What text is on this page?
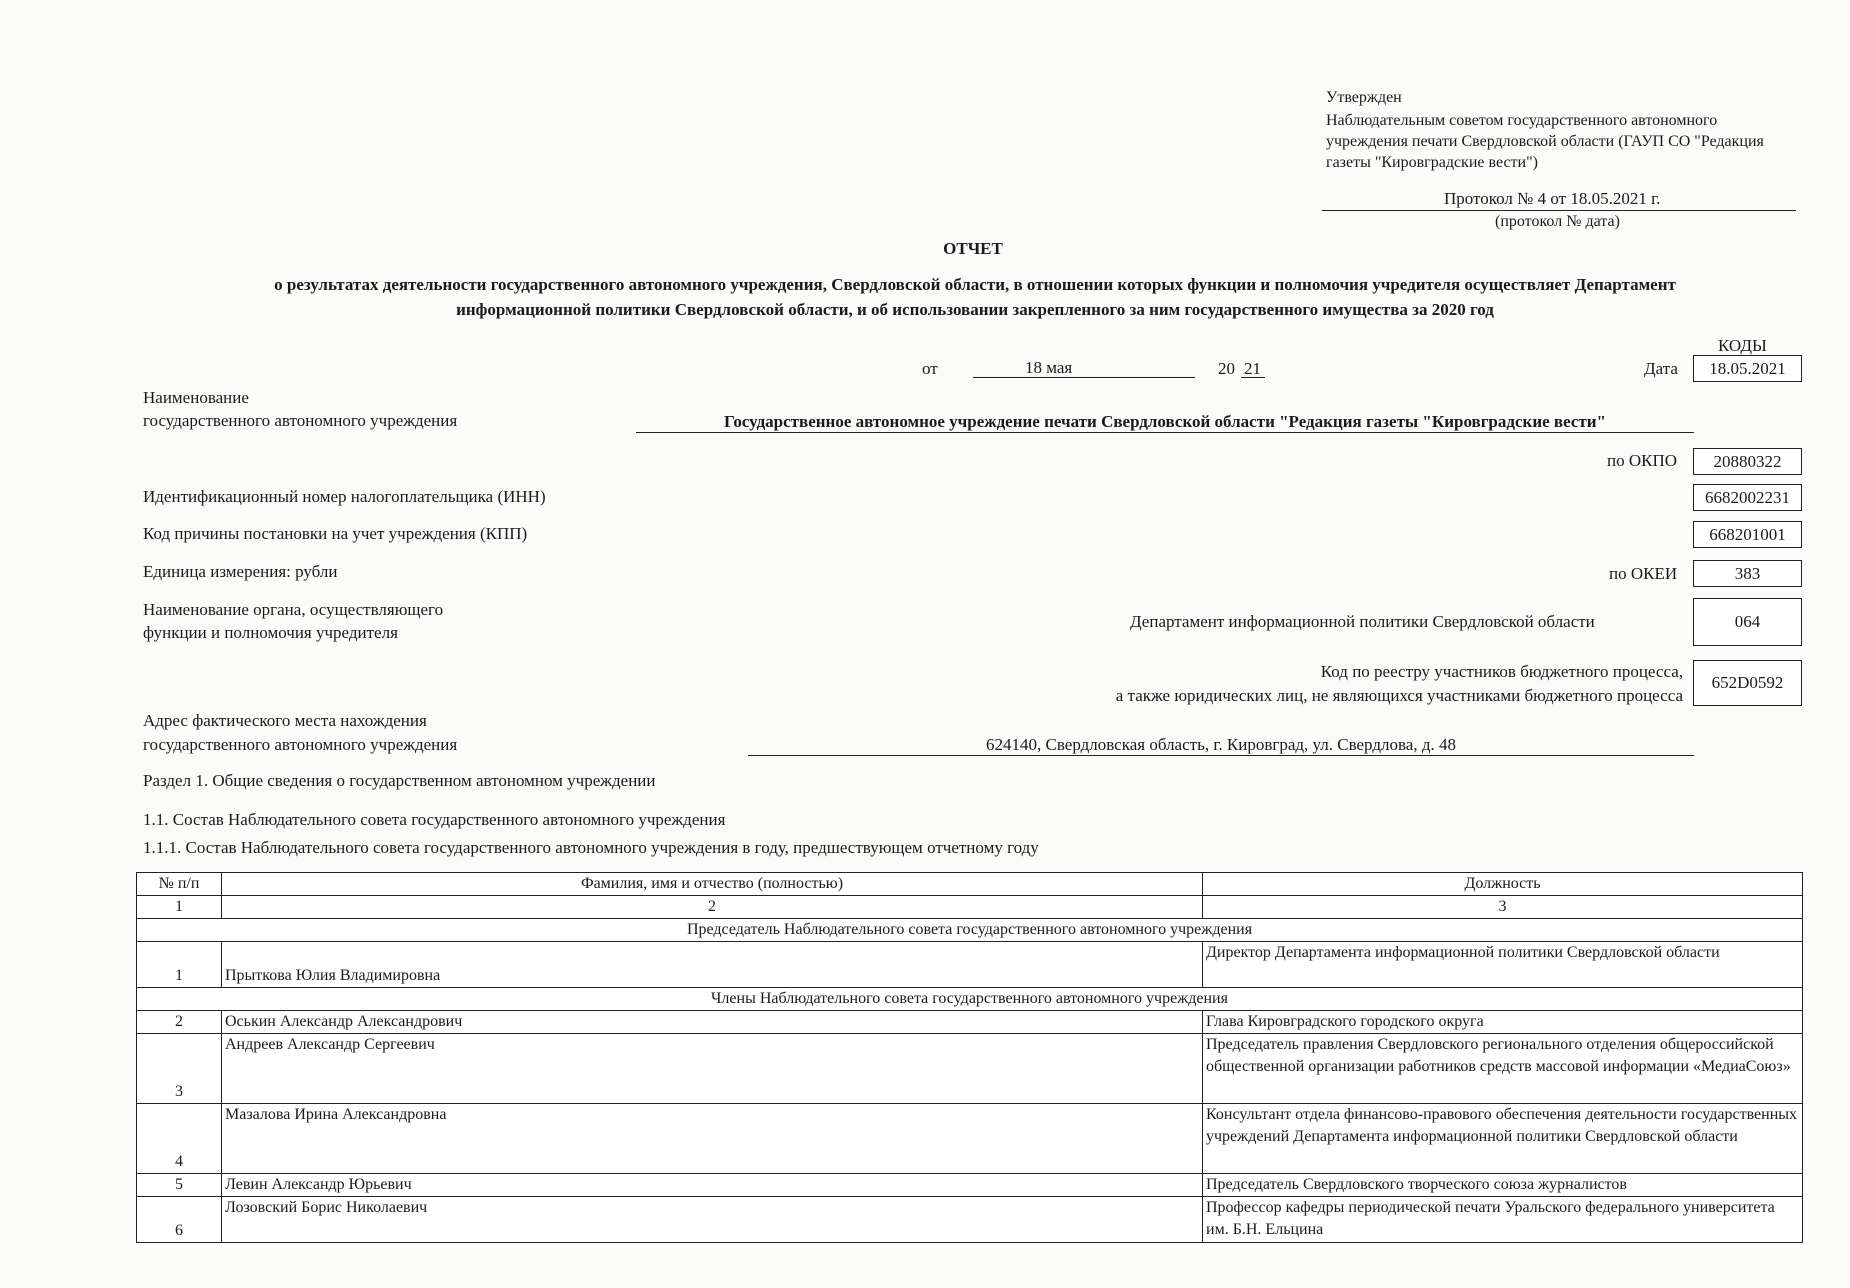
Утвержден
Наблюдательным советом государственного автономного
учреждения печати Свердловской области (ГАУП СО "Редакция
газеты "Кировградские вести")
Протокол № 4 от 18.05.2021 г.
(протокол № дата)
ОТЧЕТ
о результатах деятельности государственного автономного учреждения, Свердловской области, в отношении которых функции и полномочия учредителя осуществляет Департамент
информационной политики Свердловской области, и об использовании закрепленного за ним государственного имущества за 2020 год
КОДЫ
от	18 мая	20 21	Дата	18.05.2021
Наименование
государственного автономного учреждения	Государственное автономное учреждение печати Свердловской области "Редакция газеты "Кировградские вести"
по ОКПО	20880322
Идентификационный номер налогоплательщика (ИНН)	6682002231
Код причины постановки на учет учреждения (КПП)	668201001
Единица измерения: рубли	по ОКЕИ	383
Наименование органа, осуществляющего
функции и полномочия учредителя
Департамент информационной политики Свердловской области	064
Код по реестру участников бюджетного процесса,
а также юридических лиц, не являющихся участниками бюджетного процесса
652D0592
Адрес фактического места нахождения
государственного автономного учреждения	624140, Свердловская область, г. Кировград, ул. Свердлова, д. 48
Раздел 1. Общие сведения о государственном автономном учреждении
1.1. Состав Наблюдательного совета государственного автономного учреждения
1.1.1. Состав Наблюдательного совета государственного автономного учреждения в году, предшествующем отчетному году
№ п/п	Фамилия, имя и отчество (полностью)	Должность
1	2	3
Председатель Наблюдательного совета государственного автономного учреждения		
1	Прыткова Юлия Владимировна	Директор Департамента информационной политики Свердловской области
Члены Наблюдательного совета государственного автономного учреждения		
2	Оськин Александр Александрович	Глава Кировградского городского округа
3	Андреев Александр Сергеевич	Председатель правления Свердловского регионального отделения общероссийской общественной организации работников средств массовой информации «МедиаСоюз»
4	Мазалова Ирина Александровна	Консультант отдела финансово-правового обеспечения деятельности государственных учреждений Департамента информационной политики Свердловской области
5	Левин Александр Юрьевич	Председатель Свердловского творческого союза журналистов
6	Лозовский Борис Николаевич	Профессор кафедры периодической печати Уральского федерального университета им. Б.Н. Ельцина
